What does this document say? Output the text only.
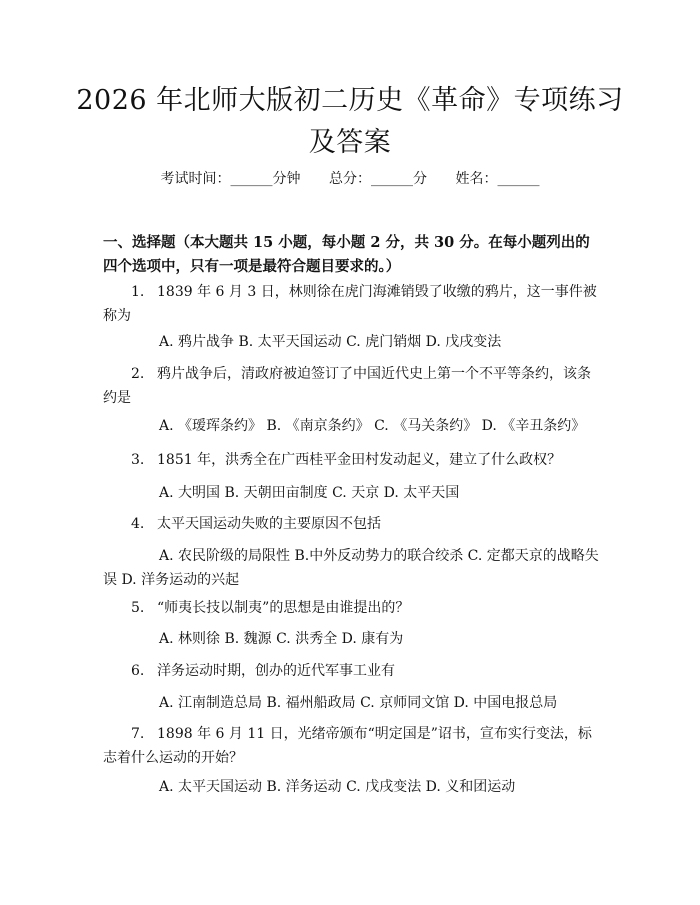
2026 年北师大版初二历史《革命》专项练习
及答案
考试时间：______分钟 总分：______分 姓名：______
一、选择题（本大题共 15 小题，每小题 2 分，共 30 分。在每小题列出的四个选项中，只有一项是最符合题目要求的。）
1. 1839 年 6 月 3 日，林则徐在虎门海滩销毁了收缴的鸦片，这一事件被称为
A. 鸦片战争 B. 太平天国运动 C. 虎门销烟 D. 戊戌变法
2. 鸦片战争后，清政府被迫签订了中国近代史上第一个不平等条约，该条约是
A. 《瑷珲条约》 B. 《南京条约》 C. 《马关条约》 D. 《辛丑条约》
3. 1851 年，洪秀全在广西桂平金田村发动起义，建立了什么政权？
A. 大明国 B. 天朝田亩制度 C. 天京 D. 太平天国
4. 太平天国运动失败的主要原因不包括
A. 农民阶级的局限性 B.中外反动势力的联合绞杀 C. 定都天京的战略失误 D. 洋务运动的兴起
5. “师夷长技以制夷”的思想是由谁提出的？
A. 林则徐 B. 魏源 C. 洪秀全 D. 康有为
6. 洋务运动时期，创办的近代军事工业有
A. 江南制造总局 B. 福州船政局 C. 京师同文馆 D. 中国电报总局
7. 1898 年 6 月 11 日，光绪帝颁布“明定国是”诏书，宣布实行变法，标志着什么运动的开始？
A. 太平天国运动 B. 洋务运动 C. 戊戌变法 D. 义和团运动
